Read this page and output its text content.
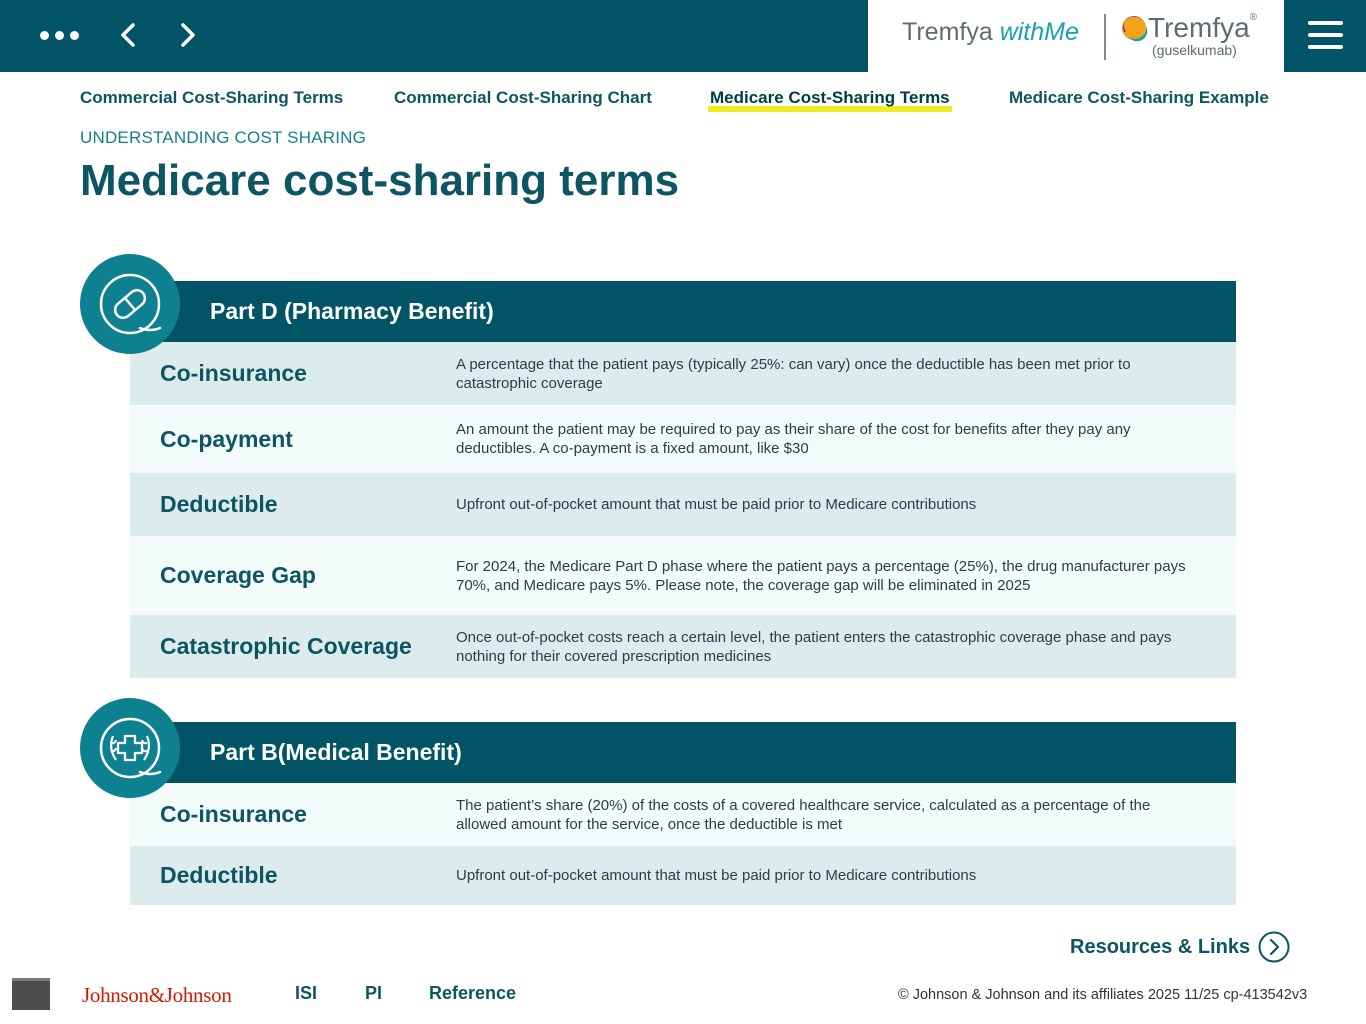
Tremfya withMe Tremfya®
(guselkumab)
Commercial Cost-Sharing Terms	Commercial Cost-Sharing Chart	Medicare Cost-Sharing Terms	Medicare Cost-Sharing Example
UNDERSTANDING COST SHARING
Medicare cost-sharing terms
Part D (Pharmacy Benefit)
Co-insurance	A percentage that the patient pays (typically 25%: can vary) once the deductible has been met prior to catastrophic coverage
Co-payment	An amount the patient may be required to pay as their share of the cost for benefits after they pay any deductibles. A co-payment is a fixed amount, like $30
Deductible	Upfront out-of-pocket amount that must be paid prior to Medicare contributions
Coverage Gap	For 2024, the Medicare Part D phase where the patient pays a percentage (25%), the drug manufacturer pays 70%, and Medicare pays 5%. Please note, the coverage gap will be eliminated in 2025
Catastrophic Coverage	Once out-of-pocket costs reach a certain level, the patient enters the catastrophic coverage phase and pays nothing for their covered prescription medicines
Part B(Medical Benefit)
Co-insurance	The patient’s share (20%) of the costs of a covered healthcare service, calculated as a percentage of the allowed amount for the service, once the deductible is met
Deductible	Upfront out-of-pocket amount that must be paid prior to Medicare contributions
Resources & Links
Johnson&Johnson	ISI	PI	Reference	© Johnson & Johnson and its affiliates 2025 11/25 cp-413542v3
